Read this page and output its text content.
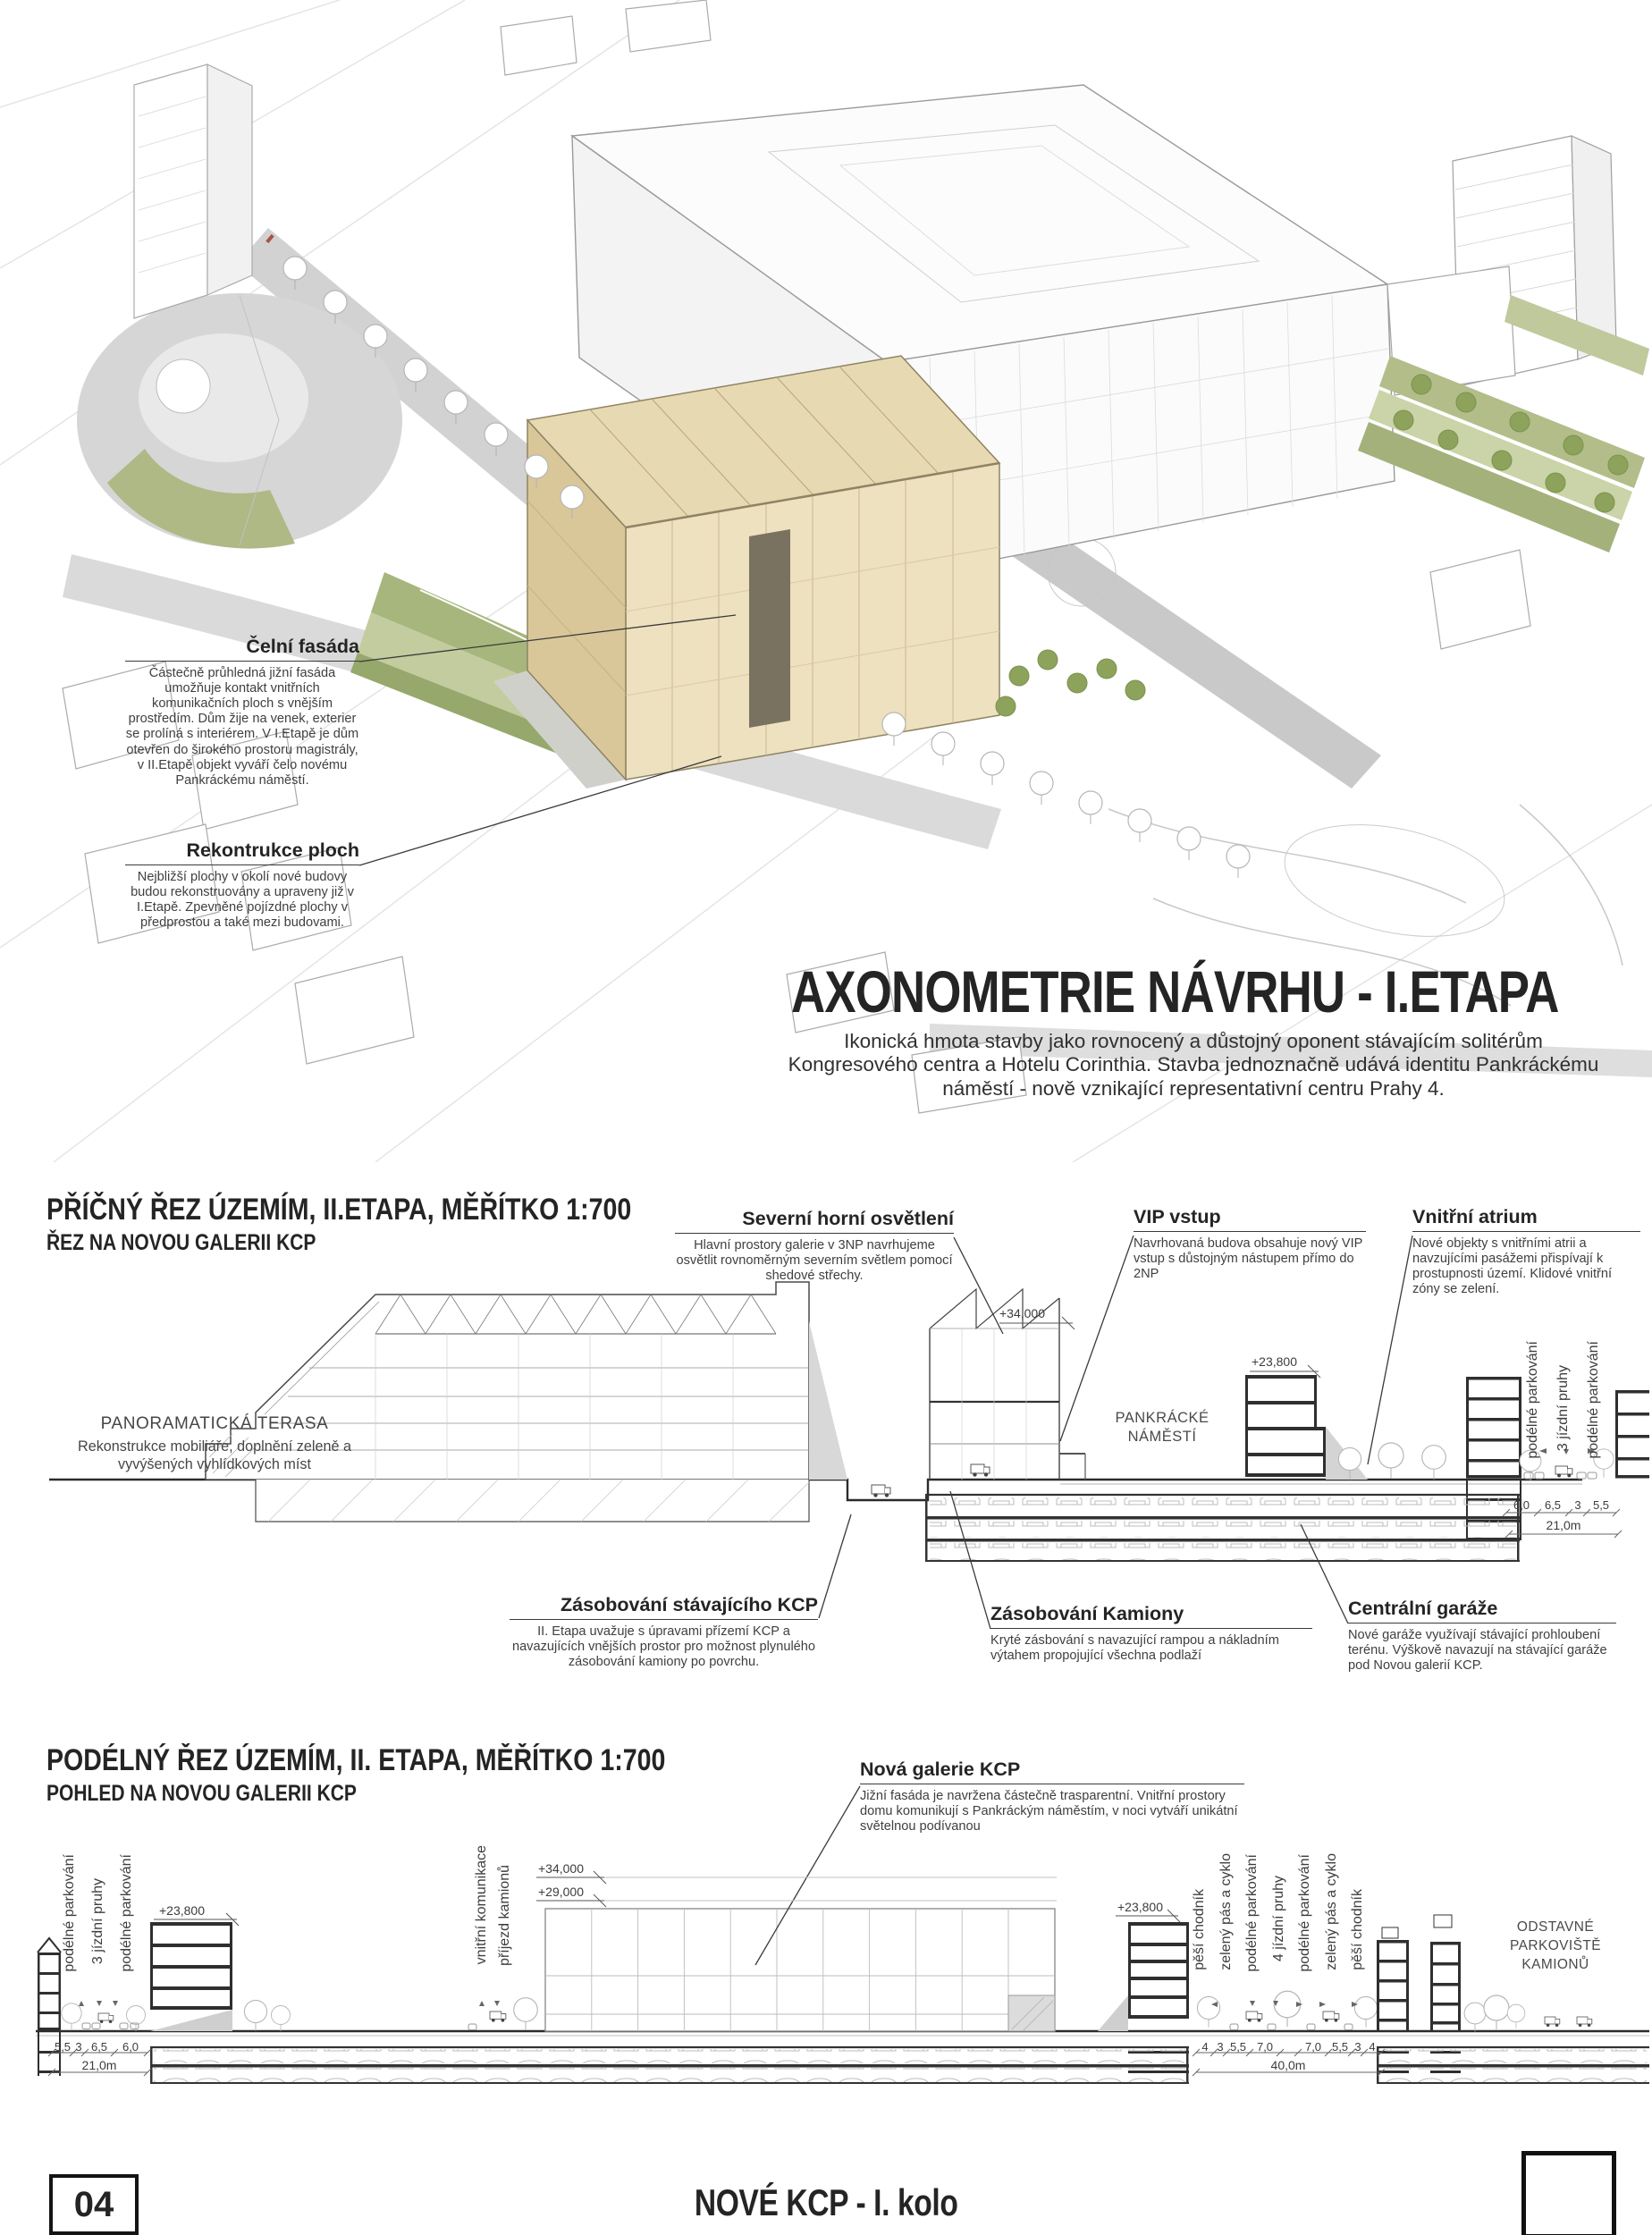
Čelní fasáda

Částečně průhledná jižní fasáda umožňuje kontakt vnitřních komunikačních ploch s vnějším prostředím. Dům žije na venek, exterier se prolíná s interiérem. V I.Etapě je dům otevřen do širokého prostoru magistrály, v II.Etapě objekt vyváří čelo novému Pankráckému náměstí.

Rekontrukce ploch

Nejbližší plochy v okolí nové budovy budou rekonstruovány a upraveny již v I.Etapě. Zpevněné pojízdné plochy v předprostou a také mezi budovami.

AXONOMETRIE NÁVRHU - I.ETAPA

Ikonická hmota stavby jako rovnocený a důstojný oponent stávajícím solitérům Kongresového centra a Hotelu Corinthia. Stavba jednoznačně udává identitu Pankráckému náměstí - nově vznikající representativní centru Prahy 4.

PŘÍČNÝ ŘEZ ÚZEMÍM, II.ETAPA, MĚŘÍTKO 1:700
ŘEZ NA NOVOU GALERII KCP
Severní horní osvětlení

Hlavní prostory galerie v 3NP navrhujeme osvětlit rovnoměrným severním světlem pomocí shedové střechy.

VIP vstup

Navrhovaná budova obsahuje nový VIP vstup s důstojným nástupem přímo do 2NP

Vnitřní atrium

Nové objekty s vnitřními atrii a navzujícími pasážemi přispívají k prostupnosti území. Klidové vnitřní zóny se zelení.

PANORAMATICKÁ TERASA

Rekonstrukce mobiliáře, doplnění zeleně a vyvýšených vyhlídkových míst

PANKRÁCKÉ NÁMĚSTÍ
+34,000
+23,800	podélné parkování 3 jízdní pruhy podélné parkování
6,0 6,5 3 5,5
21,0m
Zásobování stávajícího KCP

II. Etapa uvažuje s úpravami přízemí KCP a navazujících vnějších prostor pro možnost plynulého zásobování kamiony po povrchu.

Zásobování Kamiony

Kryté zásbování s navazující rampou a nákladním výtahem propojující všechna podlaží

Centrální garáže

Nové garáže využívají stávající prohloubení terénu. Výškově navazují na stávající garáže pod Novou galerií KCP.

PODÉLNÝ ŘEZ ÚZEMÍM, II. ETAPA, MĚŘÍTKO 1:700
POHLED NA NOVOU GALERII KCP
Nová galerie KCP

Jižní fasáda je navržena částečně trasparentní. Vnitřní prostory domu komunikují s Pankráckým náměstím, v noci vytváří unikátní světelnou podívanou

podélné parkování 3 jízdní pruhy podélné parkování	vnitřní komunikace příjezd kamionů
+23,800
+34,000
+29,000
+23,800
5,5 3 6,5 6,0
21,0m
pěší chodník zelený pás a cyklo podélné parkování 4 jízdní pruhy podélné parkování zelený pás a cyklo pěší chodník
4 3 5,5 7,0	7,0 5,5 3 4
40,0m
ODSTAVNÉ PARKOVIŠTĚ KAMIONŮ
04	NOVÉ KCP - I. kolo
